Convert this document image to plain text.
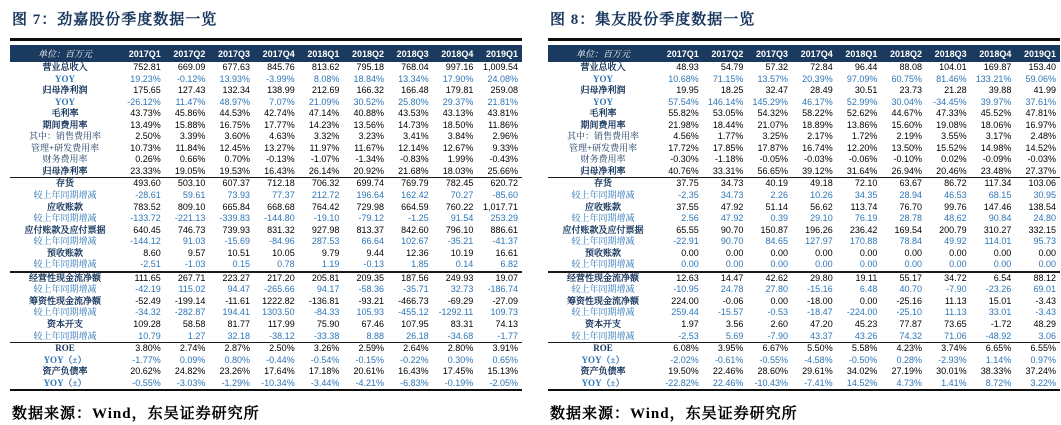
图 7：劲嘉股份季度数据一览
单位：百万元	2017Q1	2017Q2	2017Q3	2017Q4	2018Q1	2018Q2	2018Q3	2018Q4	2019Q1
营业总收入	752.81	669.09	677.63	845.76	813.62	795.18	768.04	997.16	1,009.54
YOY	19.23%	-0.12%	13.93%	-3.99%	8.08%	18.84%	13.34%	17.90%	24.08%
归母净利润	175.65	127.43	132.34	138.99	212.69	166.32	166.48	179.81	259.08
YOY	-26.12%	11.47%	48.97%	7.07%	21.09%	30.52%	25.80%	29.37%	21.81%
毛利率	43.73%	45.86%	44.53%	42.74%	47.14%	40.88%	43.53%	43.13%	43.81%
期间费用率	13.49%	15.88%	16.75%	17.77%	14.23%	13.56%	14.73%	18.50%	11.86%
其中：销售费用率	2.50%	3.39%	3.60%	4.63%	3.32%	3.23%	3.41%	3.84%	2.96%
管理+研发费用率	10.73%	11.84%	12.45%	13.27%	11.97%	11.67%	12.14%	12.67%	9.33%
财务费用率	0.26%	0.66%	0.70%	-0.13%	-1.07%	-1.34%	-0.83%	1.99%	-0.43%
归母净利率	23.33%	19.05%	19.53%	16.43%	26.14%	20.92%	21.68%	18.03%	25.66%
存货	493.60	503.10	607.37	712.18	706.32	699.74	769.79	782.45	620.72
较上年同期增减	-28.61	59.61	73.93	77.37	212.72	196.64	162.42	70.27	-85.60
应收账款	783.52	809.10	665.84	668.68	764.42	729.98	664.59	760.22	1,017.71
较上年同期增减	-133.72	-221.13	-339.83	-144.80	-19.10	-79.12	-1.25	91.54	253.29
应付账款及应付票据	640.45	746.73	739.93	831.32	927.98	813.37	842.60	796.10	886.61
较上年同期增减	-144.12	91.03	-15.69	-84.96	287.53	66.64	102.67	-35.21	-41.37
预收账款	8.60	9.57	10.51	10.05	9.79	9.44	12.36	10.19	16.61
较上年同期增减	-2.51	-1.03	0.15	0.78	1.19	-0.13	1.85	0.14	6.82
经营性现金流净额	111.65	267.71	223.27	217.20	205.81	209.35	187.56	249.93	19.07
较上年同期增减	-42.19	115.02	94.47	-265.66	94.17	-58.36	-35.71	32.73	-186.74
筹资性现金流净额	-52.49	-199.14	-11.61	1222.82	-136.81	-93.21	-466.73	-69.29	-27.09
较上年同期增减	-34.32	-282.87	194.41	1303.50	-84.33	105.93	-455.12	-1292.11	109.73
资本开支	109.28	58.58	81.77	117.99	75.90	67.46	107.95	83.31	74.13
较上年同期增减	10.79	1.27	32.18	-38.12	-33.38	8.88	26.18	-34.68	-1.77
ROE	3.80%	2.74%	2.87%	2.50%	3.26%	2.59%	2.64%	2.80%	3.91%
YOY（±）	-1.77%	0.09%	0.80%	-0.44%	-0.54%	-0.15%	-0.22%	0.30%	0.65%
资产负债率	20.62%	24.82%	23.26%	17.64%	17.18%	20.61%	16.43%	17.45%	15.13%
YOY（±）	-0.55%	-3.03%	-1.29%	-10.34%	-3.44%	-4.21%	-6.83%	-0.19%	-2.05%
数据来源：Wind，东吴证券研究所
图 8：集友股份季度数据一览
单位：百万元	2017Q1	2017Q2	2017Q3	2017Q4	2018Q1	2018Q2	2018Q3	2018Q4	2019Q1
营业总收入	48.93	54.79	57.32	72.84	96.44	88.08	104.01	169.87	153.40
YOY	10.68%	71.15%	13.57%	20.39%	97.09%	60.75%	81.46%	133.21%	59.06%
归母净利润	19.95	18.25	32.47	28.49	30.51	23.73	21.28	39.88	41.99
YOY	57.54%	146.14%	145.29%	46.17%	52.99%	30.04%	-34.45%	39.97%	37.61%
毛利率	55.82%	53.05%	54.32%	58.22%	52.62%	44.67%	47.33%	45.52%	47.81%
期间费用率	21.98%	18.44%	21.07%	18.89%	13.86%	15.60%	19.08%	18.06%	16.97%
其中：销售费用率	4.56%	1.77%	3.25%	2.17%	1.72%	2.19%	3.55%	3.17%	2.48%
管理+研发费用率	17.72%	17.85%	17.87%	16.74%	12.20%	13.50%	15.52%	14.98%	14.52%
财务费用率	-0.30%	-1.18%	-0.05%	-0.03%	-0.06%	-0.10%	0.02%	-0.09%	-0.03%
归母净利率	40.76%	33.31%	56.65%	39.12%	31.64%	26.94%	20.46%	23.48%	27.37%
存货	37.75	34.73	40.19	49.18	72.10	63.67	86.72	117.34	103.06
较上年同期增减	-2.35	34.73	2.26	10.26	34.35	28.94	46.53	68.15	30.95
应收账款	37.55	47.92	51.14	56.62	113.74	76.70	99.76	147.46	138.54
较上年同期增减	2.56	47.92	0.39	29.10	76.19	28.78	48.62	90.84	24.80
应付账款及应付票据	65.55	90.70	150.87	196.26	236.42	169.54	200.79	310.27	332.15
较上年同期增减	-22.91	90.70	84.65	127.97	170.88	78.84	49.92	114.01	95.73
预收账款	0.00	0.00	0.00	0.00	0.00	0.00	0.00	0.00	0.00
较上年同期增减	0.00	0.00	0.00	0.00	0.00	0.00	0.00	0.00	0.00
经营性现金流净额	12.63	14.47	42.62	29.80	19.11	55.17	34.72	6.54	88.12
较上年同期增减	-10.95	24.78	27.80	-15.16	6.48	40.70	-7.90	-23.26	69.01
筹资性现金流净额	224.00	-0.06	0.00	-18.00	0.00	-25.16	11.13	15.01	-3.43
较上年同期增减	259.44	-15.57	-0.53	-18.47	-224.00	-25.10	11.13	33.01	-3.43
资本开支	1.97	3.56	2.60	47.20	45.23	77.87	73.65	-1.72	48.29
较上年同期增减	-2.53	5.69	-7.90	43.37	43.26	74.32	71.06	-48.92	3.06
ROE	6.08%	3.95%	6.67%	5.50%	5.58%	4.23%	3.74%	6.65%	6.55%
YOY（±）	-2.02%	-0.61%	-0.55%	-4.58%	-0.50%	0.28%	-2.93%	1.14%	0.97%
资产负债率	19.50%	22.46%	28.60%	29.61%	34.02%	27.19%	30.01%	38.33%	37.24%
YOY（±）	-22.82%	22.46%	-10.43%	-7.41%	14.52%	4.73%	1.41%	8.72%	3.22%
数据来源：Wind，东吴证券研究所
